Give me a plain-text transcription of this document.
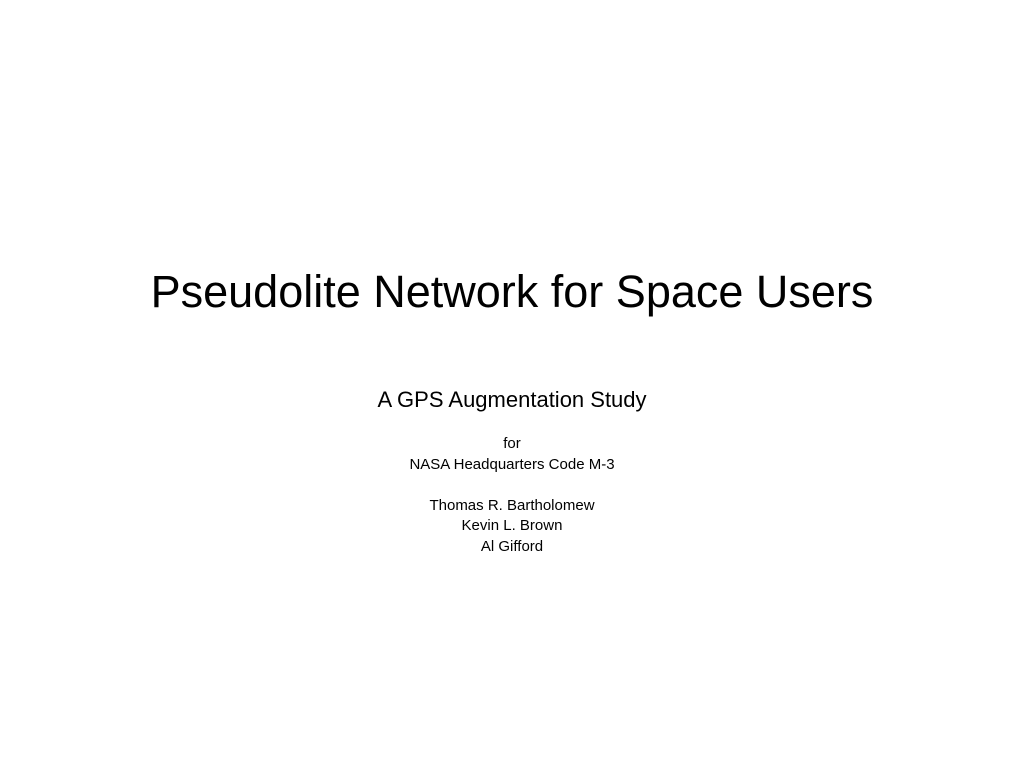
Pseudolite Network for Space Users

A GPS Augmentation Study

for
NASA Headquarters Code M-3
Thomas R. Bartholomew
Kevin L. Brown
Al Gifford
